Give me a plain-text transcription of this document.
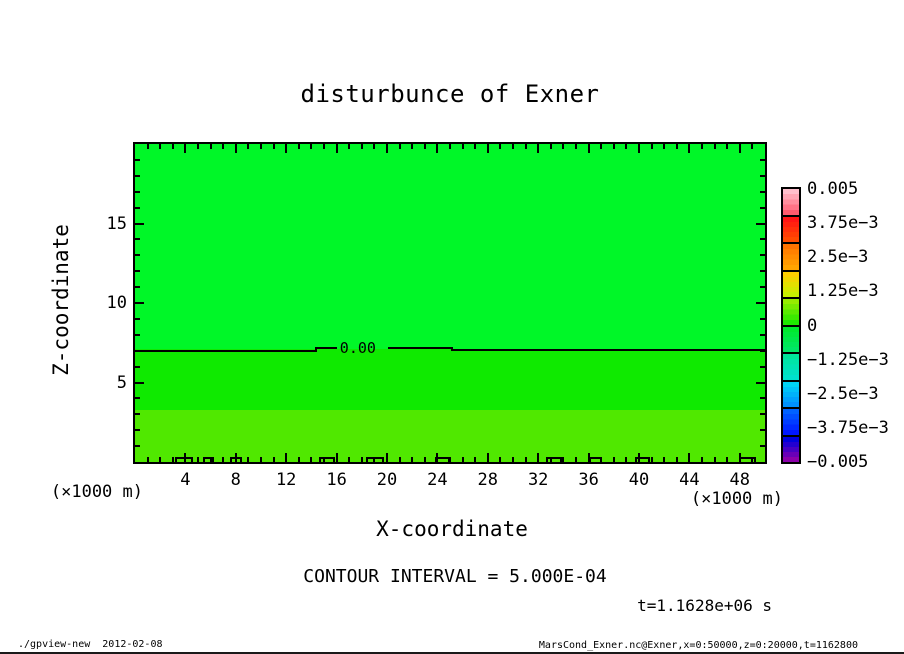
disturbunce of Exner
0.00
Z-coordinate
X-coordinate
(×1000 m)	(×1000 m)
0.005
3.75e−3
2.5e−3
1.25e−3
0
−1.25e−3
−2.5e−3
−3.75e−3
−0.005
CONTOUR INTERVAL = 5.000E-04
t=1.1628e+06 s
./gpview-new  2012-02-08	MarsCond_Exner.nc@Exner,x=0:50000,z=0:20000,t=1162800
4 8 12 16 20 24 28 32 36 40 44 48
5
10
15
